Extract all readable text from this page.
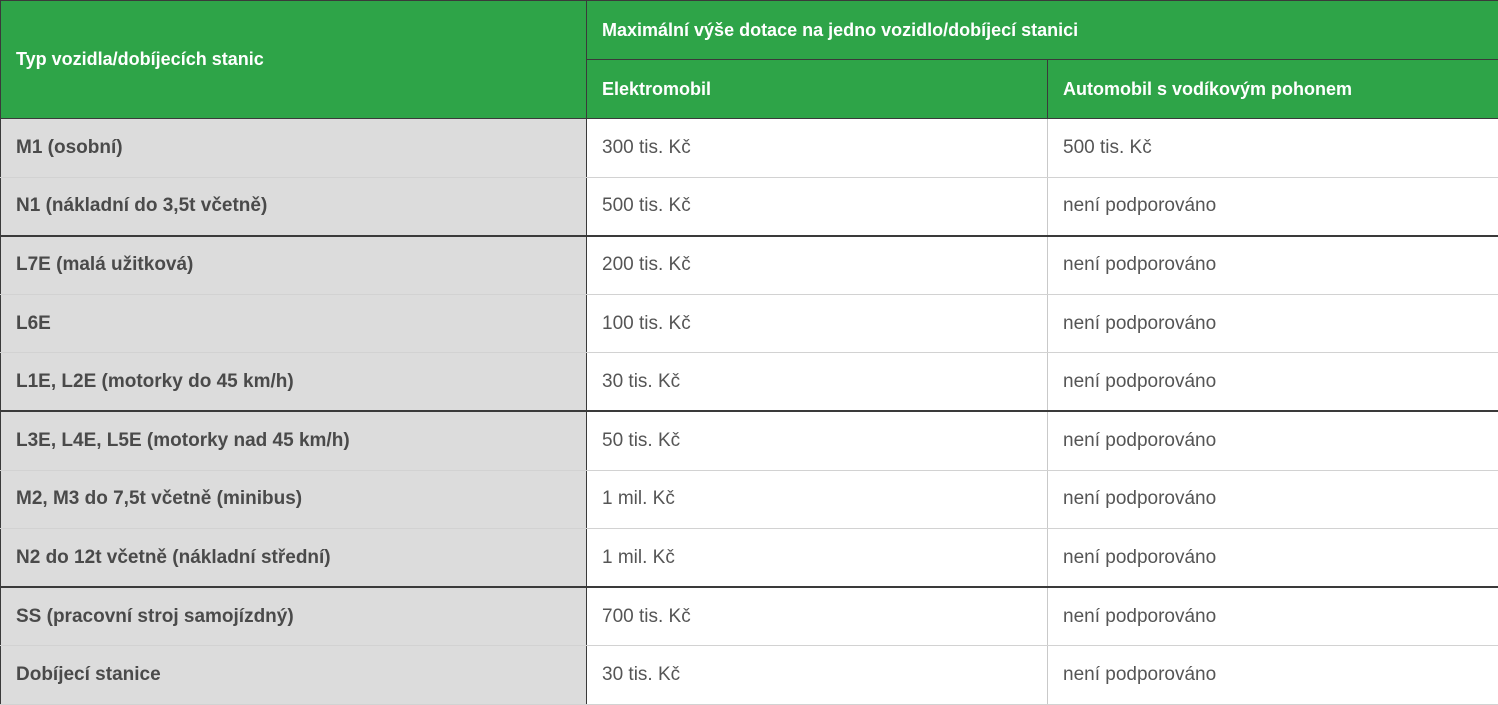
Typ vozidla/dobíjecích stanic	Maximální výše dotace na jedno vozidlo/dobíjecí stanici	
	Elektromobil	Automobil s vodíkovým pohonem
M1 (osobní)	300 tis. Kč	500 tis. Kč
N1 (nákladní do 3,5t včetně)	500 tis. Kč	není podporováno
L7E (malá užitková)	200 tis. Kč	není podporováno
L6E	100 tis. Kč	není podporováno
L1E, L2E (motorky do 45 km/h)	30 tis. Kč	není podporováno
L3E, L4E, L5E (motorky nad 45 km/h)	50 tis. Kč	není podporováno
M2, M3 do 7,5t včetně (minibus)	1 mil. Kč	není podporováno
N2 do 12t včetně (nákladní střední)	1 mil. Kč	není podporováno
SS (pracovní stroj samojízdný)	700 tis. Kč	není podporováno
Dobíjecí stanice	30 tis. Kč	není podporováno
